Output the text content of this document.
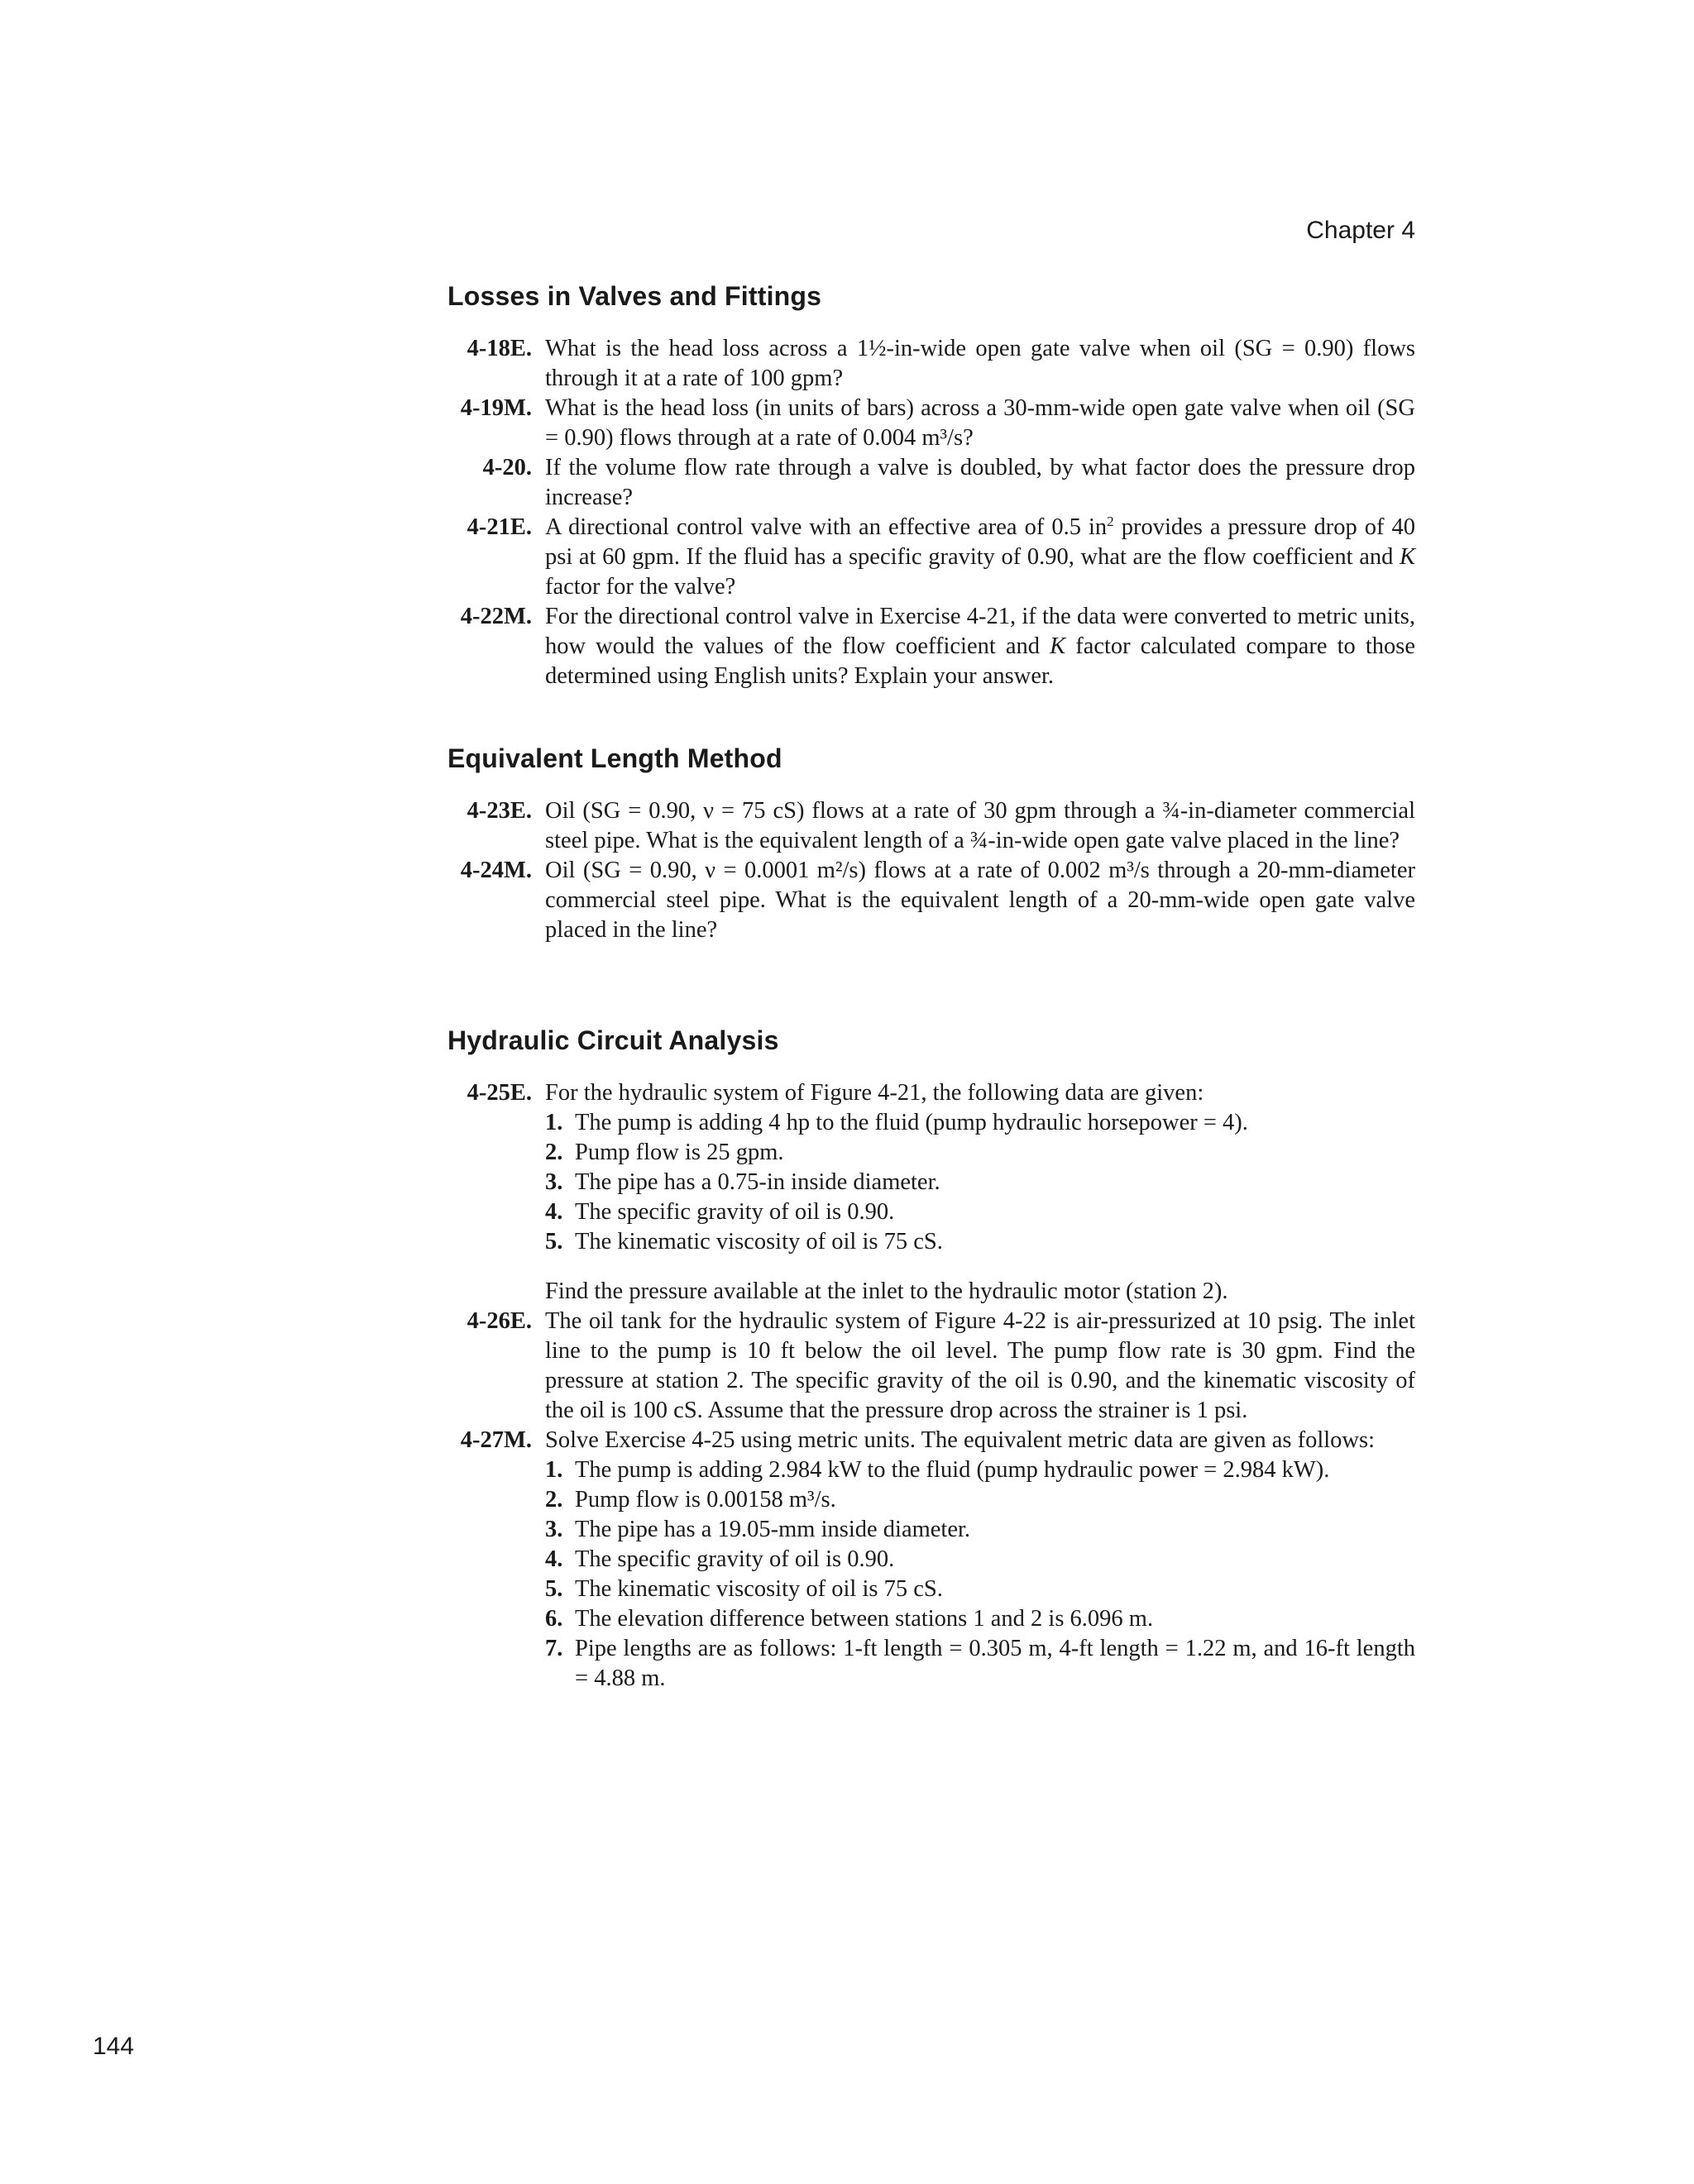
Chapter 4
Losses in Valves and Fittings
4-18E. What is the head loss across a 1½-in-wide open gate valve when oil (SG = 0.90) flows through it at a rate of 100 gpm?
4-19M. What is the head loss (in units of bars) across a 30-mm-wide open gate valve when oil (SG = 0.90) flows through at a rate of 0.004 m³/s?
4-20. If the volume flow rate through a valve is doubled, by what factor does the pressure drop increase?
4-21E. A directional control valve with an effective area of 0.5 $in^2$ provides a pressure drop of 40 psi at 60 gpm. If the fluid has a specific gravity of 0.90, what are the flow coefficient and K factor for the valve?
4-22M. For the directional control valve in Exercise 4-21, if the data were converted to metric units, how would the values of the flow coefficient and K factor calculated compare to those determined using English units? Explain your answer.
Equivalent Length Method
4-23E. Oil (SG = 0.90, ν = 75 cS) flows at a rate of 30 gpm through a ¾-in-diameter commercial steel pipe. What is the equivalent length of a ¾-in-wide open gate valve placed in the line?
4-24M. Oil (SG = 0.90, ν = 0.0001 m²/s) flows at a rate of 0.002 m³/s through a 20-mm-diameter commercial steel pipe. What is the equivalent length of a 20-mm-wide open gate valve placed in the line?
Hydraulic Circuit Analysis
4-25E. For the hydraulic system of Figure 4-21, the following data are given:
1. The pump is adding 4 hp to the fluid (pump hydraulic horsepower = 4).
2. Pump flow is 25 gpm.
3. The pipe has a 0.75-in inside diameter.
4. The specific gravity of oil is 0.90.
5. The kinematic viscosity of oil is 75 cS.
Find the pressure available at the inlet to the hydraulic motor (station 2).
4-26E. The oil tank for the hydraulic system of Figure 4-22 is air-pressurized at 10 psig. The inlet line to the pump is 10 ft below the oil level. The pump flow rate is 30 gpm. Find the pressure at station 2. The specific gravity of the oil is 0.90, and the kinematic viscosity of the oil is 100 cS. Assume that the pressure drop across the strainer is 1 psi.
4-27M. Solve Exercise 4-25 using metric units. The equivalent metric data are given as follows:
1. The pump is adding 2.984 kW to the fluid (pump hydraulic power = 2.984 kW).
2. Pump flow is 0.00158 m³/s.
3. The pipe has a 19.05-mm inside diameter.
4. The specific gravity of oil is 0.90.
5. The kinematic viscosity of oil is 75 cS.
6. The elevation difference between stations 1 and 2 is 6.096 m.
7. Pipe lengths are as follows: 1-ft length = 0.305 m, 4-ft length = 1.22 m, and 16-ft length = 4.88 m.
144
